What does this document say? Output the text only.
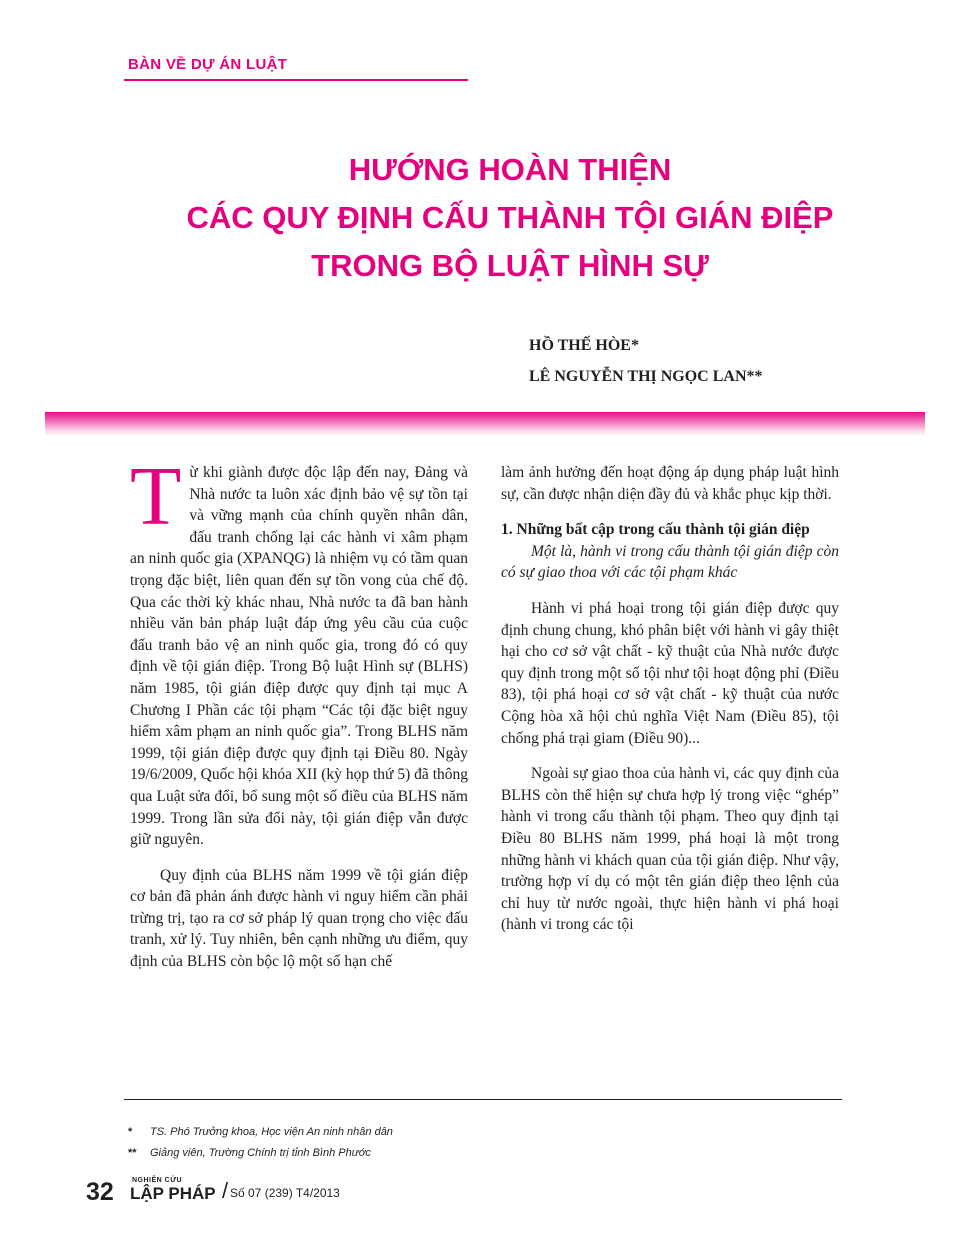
BÀN VỀ DỰ ÁN LUẬT
HƯỚNG HOÀN THIỆN
CÁC QUY ĐỊNH CẤU THÀNH TỘI GIÁN ĐIỆP
TRONG BỘ LUẬT HÌNH SỰ
HỒ THẾ HÒE*
LÊ NGUYỄN THỊ NGỌC LAN**

Từ khi giành được độc lập đến nay, Đảng và Nhà nước ta luôn xác định bảo vệ sự tồn tại và vững mạnh của chính quyền nhân dân, đấu tranh chống lại các hành vi xâm phạm an ninh quốc gia (XPANQG) là nhiệm vụ có tầm quan trọng đặc biệt, liên quan đến sự tồn vong của chế độ. Qua các thời kỳ khác nhau, Nhà nước ta đã ban hành nhiều văn bản pháp luật đáp ứng yêu cầu của cuộc đấu tranh bảo vệ an ninh quốc gia, trong đó có quy định về tội gián điệp. Trong Bộ luật Hình sự (BLHS) năm 1985, tội gián điệp được quy định tại mục A Chương I Phần các tội phạm “Các tội đặc biệt nguy hiểm xâm phạm an ninh quốc gia”. Trong BLHS năm 1999, tội gián điệp được quy định tại Điều 80. Ngày 19/6/2009, Quốc hội khóa XII (kỳ họp thứ 5) đã thông qua Luật sửa đổi, bổ sung một số điều của BLHS năm 1999. Trong lần sửa đổi này, tội gián điệp vẫn được giữ nguyên.

Quy định của BLHS năm 1999 về tội gián điệp cơ bản đã phản ánh được hành vi nguy hiểm cần phải trừng trị, tạo ra cơ sở pháp lý quan trọng cho việc đấu tranh, xử lý. Tuy nhiên, bên cạnh những ưu điểm, quy định của BLHS còn bộc lộ một số hạn chế

làm ảnh hưởng đến hoạt động áp dụng pháp luật hình sự, cần được nhận diện đầy đủ và khắc phục kịp thời.

1. Những bất cập trong cấu thành tội gián điệp

Một là, hành vi trong cấu thành tội gián điệp còn có sự giao thoa với các tội phạm khác

Hành vi phá hoại trong tội gián điệp được quy định chung chung, khó phân biệt với hành vi gây thiệt hại cho cơ sở vật chất - kỹ thuật của Nhà nước được quy định trong một số tội như tội hoạt động phỉ (Điều 83), tội phá hoại cơ sở vật chất - kỹ thuật của nước Cộng hòa xã hội chủ nghĩa Việt Nam (Điều 85), tội chống phá trại giam (Điều 90)...

Ngoài sự giao thoa của hành vi, các quy định của BLHS còn thể hiện sự chưa hợp lý trong việc “ghép” hành vi trong cấu thành tội phạm. Theo quy định tại Điều 80 BLHS năm 1999, phá hoại là một trong những hành vi khách quan của tội gián điệp. Như vậy, trường hợp ví dụ có một tên gián điệp theo lệnh của chỉ huy từ nước ngoài, thực hiện hành vi phá hoại (hành vi trong các tội

* TS. Phó Trưởng khoa, Học viện An ninh nhân dân
** Giảng viên, Trường Chính trị tỉnh Bình Phước
32	NGHIÊN CỨU
LẬP PHÁP / Số 07 (239) T4/2013
